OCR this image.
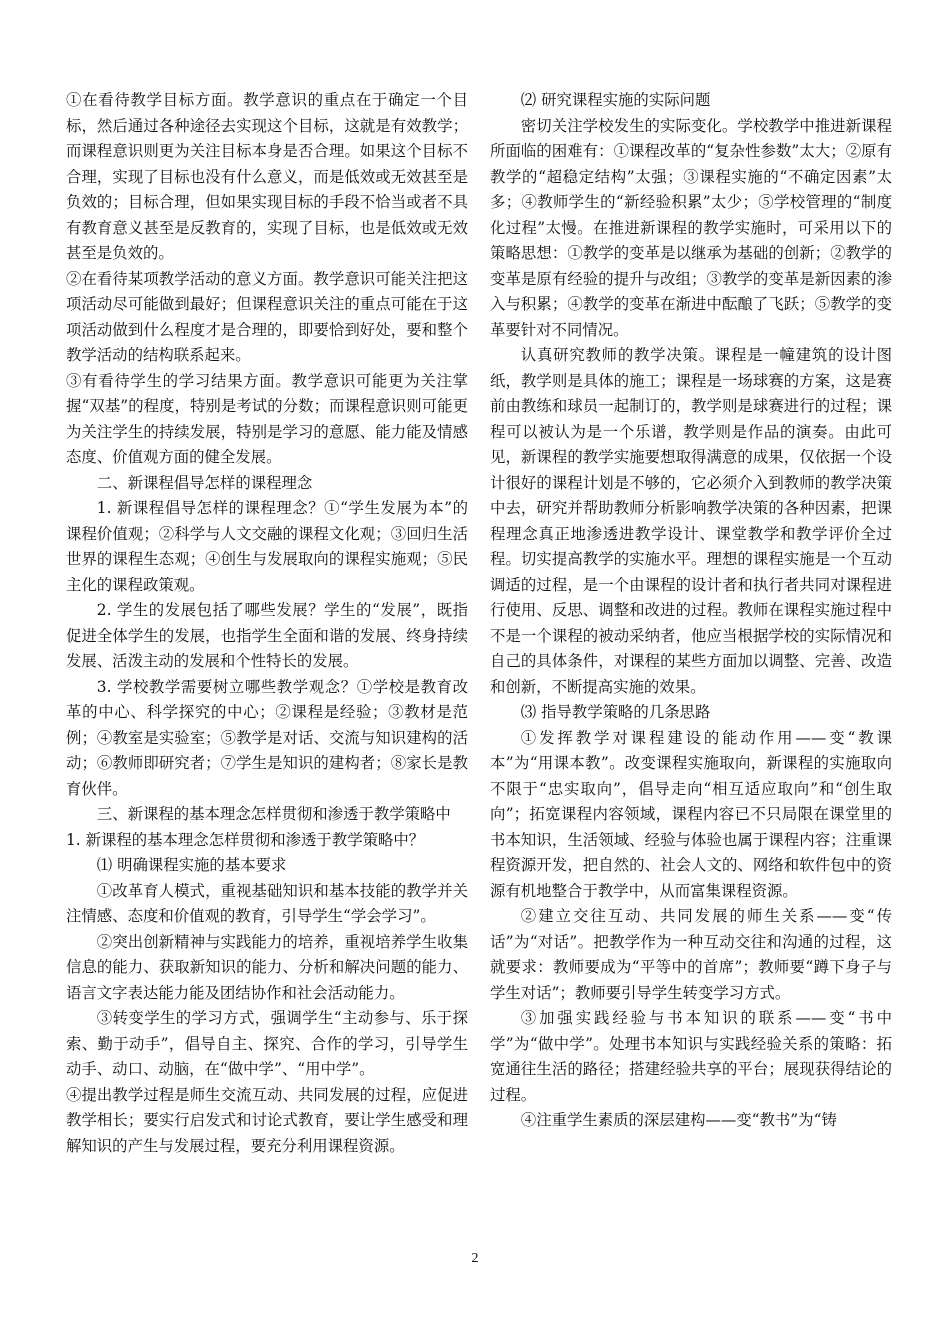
①在看待教学目标方面。教学意识的重点在于确定一个目标，然后通过各种途径去实现这个目标，这就是有效教学；而课程意识则更为关注目标本身是否合理。如果这个目标不合理，实现了目标也没有什么意义，而是低效或无效甚至是负效的；目标合理，但如果实现目标的手段不恰当或者不具有教育意义甚至是反教育的，实现了目标，也是低效或无效甚至是负效的。

②在看待某项教学活动的意义方面。教学意识可能关注把这项活动尽可能做到最好；但课程意识关注的重点可能在于这项活动做到什么程度才是合理的，即要恰到好处，要和整个教学活动的结构联系起来。

③有看待学生的学习结果方面。教学意识可能更为关注掌握“双基”的程度，特别是考试的分数；而课程意识则可能更为关注学生的持续发展，特别是学习的意愿、能力能及情感态度、价值观方面的健全发展。

二、新课程倡导怎样的课程理念

1. 新课程倡导怎样的课程理念？①“学生发展为本”的课程价值观；②科学与人文交融的课程文化观；③回归生活世界的课程生态观；④创生与发展取向的课程实施观；⑤民主化的课程政策观。

2. 学生的发展包括了哪些发展？学生的“发展”，既指促进全体学生的发展，也指学生全面和谐的发展、终身持续发展、活泼主动的发展和个性特长的发展。

3. 学校教学需要树立哪些教学观念？①学校是教育改革的中心、科学探究的中心；②课程是经验；③教材是范例；④教室是实验室；⑤教学是对话、交流与知识建构的活动；⑥教师即研究者；⑦学生是知识的建构者；⑧家长是教育伙伴。

三、新课程的基本理念怎样贯彻和渗透于教学策略中

1. 新课程的基本理念怎样贯彻和渗透于教学策略中？

⑴ 明确课程实施的基本要求

①改革育人模式，重视基础知识和基本技能的教学并关注情感、态度和价值观的教育，引导学生“学会学习”。

②突出创新精神与实践能力的培养，重视培养学生收集信息的能力、获取新知识的能力、分析和解决问题的能力、语言文字表达能力能及团结协作和社会活动能力。

③转变学生的学习方式，强调学生“主动参与、乐于探索、勤于动手”，倡导自主、探究、合作的学习，引导学生动手、动口、动脑，在“做中学”、“用中学”。

④提出教学过程是师生交流互动、共同发展的过程，应促进教学相长；要实行启发式和讨论式教育，要让学生感受和理解知识的产生与发展过程，要充分利用课程资源。

⑵ 研究课程实施的实际问题

密切关注学校发生的实际变化。学校教学中推进新课程所面临的困难有：①课程改革的“复杂性参数”太大；②原有教学的“超稳定结构”太强；③课程实施的“不确定因素”太多；④教师学生的“新经验积累”太少；⑤学校管理的“制度化过程”太慢。在推进新课程的教学实施时，可采用以下的策略思想：①教学的变革是以继承为基础的创新；②教学的变革是原有经验的提升与改组；③教学的变革是新因素的渗入与积累；④教学的变革在渐进中酝酿了飞跃；⑤教学的变革要针对不同情况。

认真研究教师的教学决策。课程是一幢建筑的设计图纸，教学则是具体的施工；课程是一场球赛的方案，这是赛前由教练和球员一起制订的，教学则是球赛进行的过程；课程可以被认为是一个乐谱，教学则是作品的演奏。由此可见，新课程的教学实施要想取得满意的成果，仅依据一个设计很好的课程计划是不够的，它必须介入到教师的教学决策中去，研究并帮助教师分析影响教学决策的各种因素，把课程理念真正地渗透进教学设计、课堂教学和教学评价全过程。切实提高教学的实施水平。理想的课程实施是一个互动调适的过程，是一个由课程的设计者和执行者共同对课程进行使用、反思、调整和改进的过程。教师在课程实施过程中不是一个课程的被动采纳者，他应当根据学校的实际情况和自己的具体条件，对课程的某些方面加以调整、完善、改造和创新，不断提高实施的效果。

⑶ 指导教学策略的几条思路

①发挥教学对课程建设的能动作用——变“教课本”为“用课本教”。改变课程实施取向，新课程的实施取向不限于“忠实取向”，倡导走向“相互适应取向”和“创生取向”；拓宽课程内容领域，课程内容已不只局限在课堂里的书本知识，生活领域、经验与体验也属于课程内容；注重课程资源开发，把自然的、社会人文的、网络和软件包中的资源有机地整合于教学中，从而富集课程资源。

②建立交往互动、共同发展的师生关系——变“传话”为“对话”。把教学作为一种互动交往和沟通的过程，这就要求：教师要成为“平等中的首席”；教师要“蹲下身子与学生对话”；教师要引导学生转变学习方式。

③加强实践经验与书本知识的联系——变“书中学”为“做中学”。处理书本知识与实践经验关系的策略：拓宽通往生活的路径；搭建经验共享的平台；展现获得结论的过程。

④注重学生素质的深层建构——变“教书”为“铸

2
